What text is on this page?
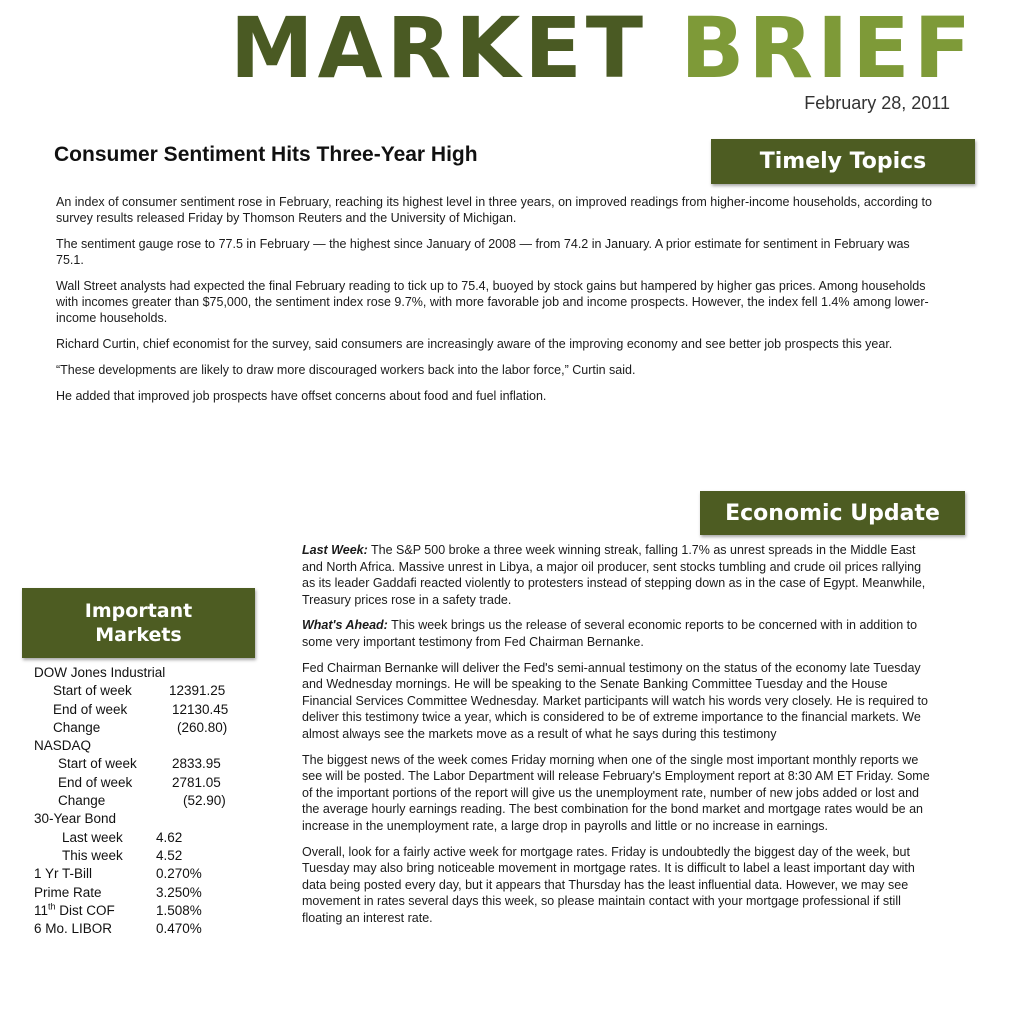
MARKET BRIEF
February 28, 2011
Consumer Sentiment Hits Three-Year High	Timely Topics

An index of consumer sentiment rose in February, reaching its highest level in three years, on improved readings from higher-income households, according to survey results released Friday by Thomson Reuters and the University of Michigan.

The sentiment gauge rose to 77.5 in February — the highest since January of 2008 — from 74.2 in January. A prior estimate for sentiment in February was 75.1.

Wall Street analysts had expected the final February reading to tick up to 75.4, buoyed by stock gains but hampered by higher gas prices. Among households with incomes greater than $75,000, the sentiment index rose 9.7%, with more favorable job and income prospects. However, the index fell 1.4% among lower-income households.

Richard Curtin, chief economist for the survey, said consumers are increasingly aware of the improving economy and see better job prospects this year.

“These developments are likely to draw more discouraged workers back into the labor force,” Curtin said.

He added that improved job prospects have offset concerns about food and fuel inflation.

Economic Update

Last Week: The S&P 500 broke a three week winning streak, falling 1.7% as unrest spreads in the Middle East and North Africa. Massive unrest in Libya, a major oil producer, sent stocks tumbling and crude oil prices rallying as its leader Gaddafi reacted violently to protesters instead of stepping down as in the case of Egypt. Meanwhile, Treasury prices rose in a safety trade.

What's Ahead: This week brings us the release of several economic reports to be concerned with in addition to some very important testimony from Fed Chairman Bernanke.

Fed Chairman Bernanke will deliver the Fed's semi-annual testimony on the status of the economy late Tuesday and Wednesday mornings. He will be speaking to the Senate Banking Committee Tuesday and the House Financial Services Committee Wednesday. Market participants will watch his words very closely. He is required to deliver this testimony twice a year, which is considered to be of extreme importance to the financial markets. We almost always see the markets move as a result of what he says during this testimony

The biggest news of the week comes Friday morning when one of the single most important monthly reports we see will be posted. The Labor Department will release February's Employment report at 8:30 AM ET Friday. Some of the important portions of the report will give us the unemployment rate, number of new jobs added or lost and the average hourly earnings reading. The best combination for the bond market and mortgage rates would be an increase in the unemployment rate, a large drop in payrolls and little or no increase in earnings.

Overall, look for a fairly active week for mortgage rates. Friday is undoubtedly the biggest day of the week, but Tuesday may also bring noticeable movement in mortgage rates. It is difficult to label a least important day with data being posted every day, but it appears that Thursday has the least influential data. However, we may see movement in rates several days this week, so please maintain contact with your mortgage professional if still floating an interest rate.

Important
Markets
DOW Jones Industrial
Start of week	12391.25
End of week	12130.45
Change	(260.80)
NASDAQ
Start of week	2833.95
End of week	2781.05
Change	(52.90)
30-Year Bond
Last week 4.62
This week 4.52
1 Yr T-Bill	0.270%
Prime Rate	3.250%
11th Dist COF	1.508%
6 Mo. LIBOR	0.470%
